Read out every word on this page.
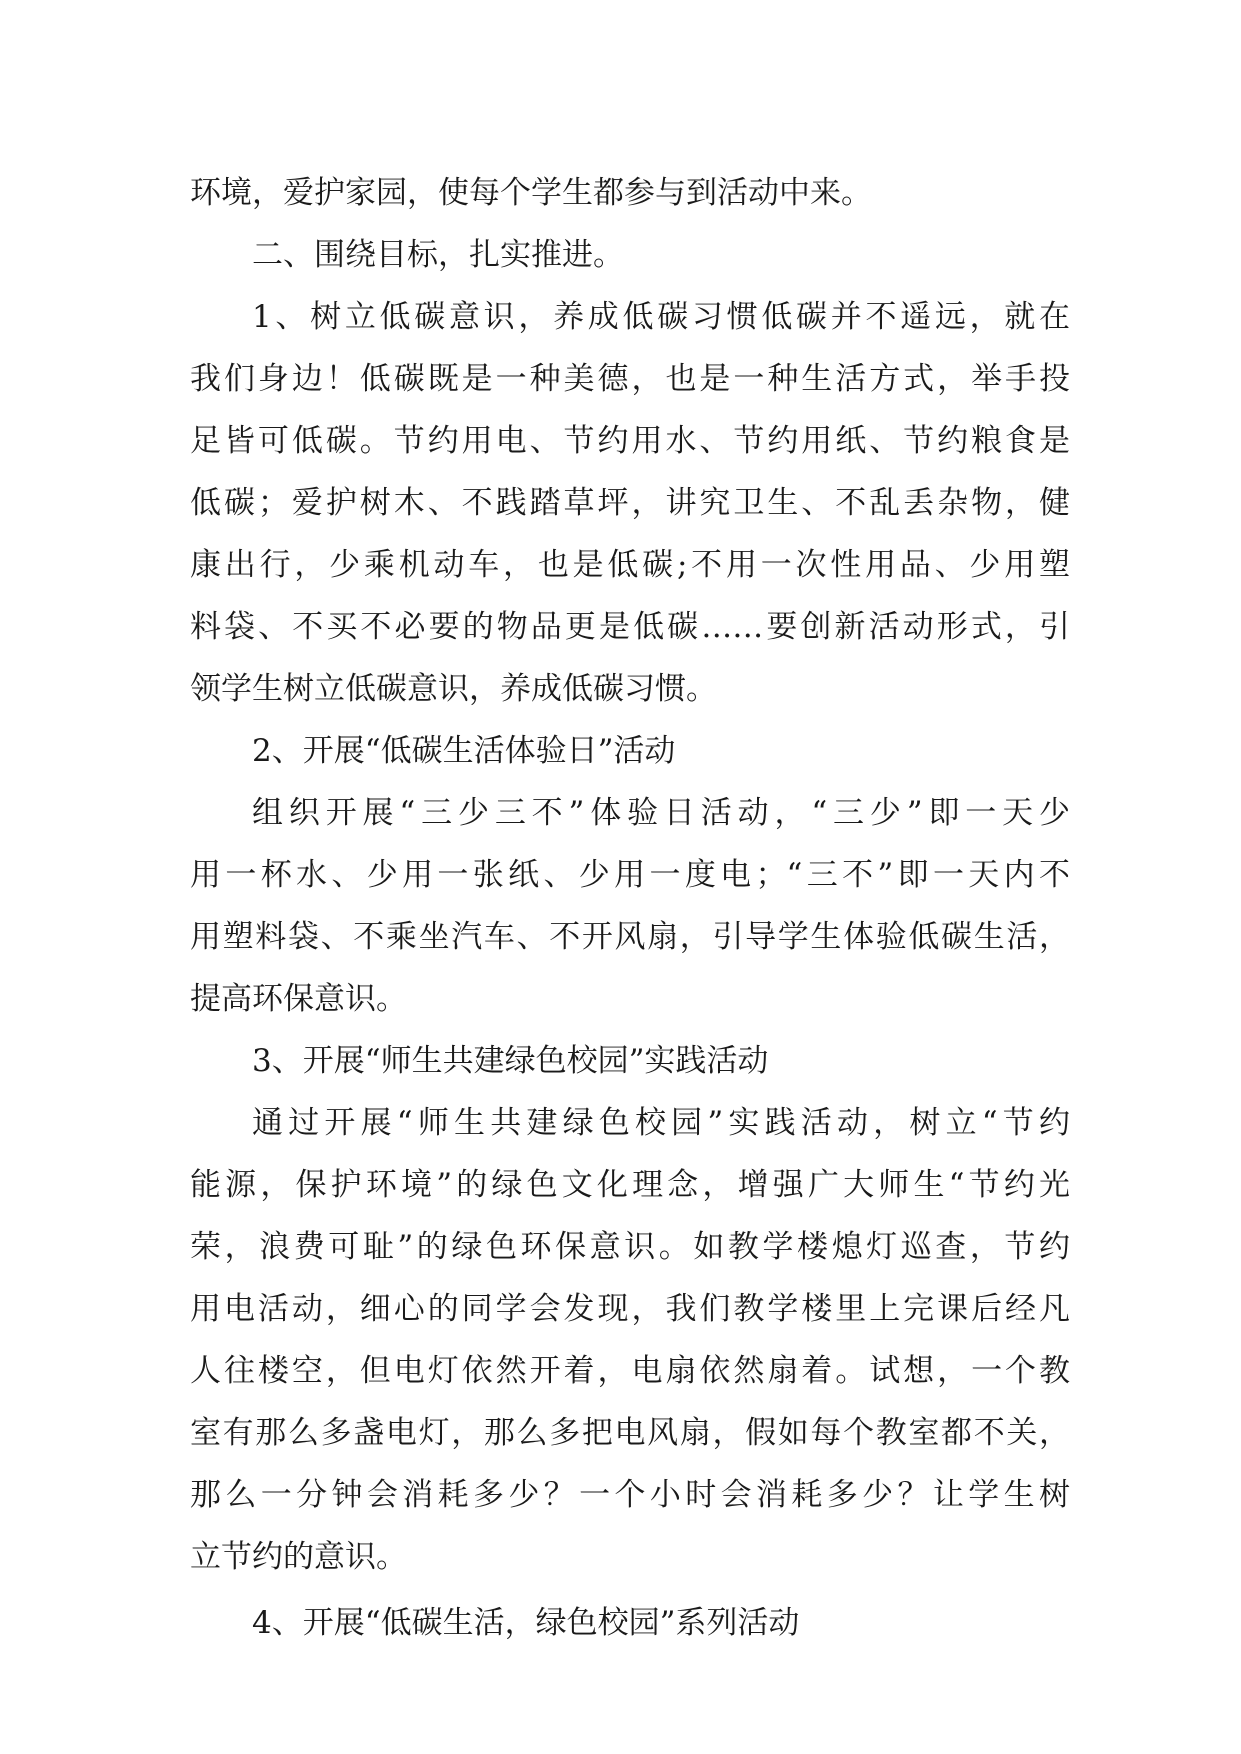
环境，爱护家园，使每个学生都参与到活动中来。
二、围绕目标，扎实推进。
1、树立低碳意识，养成低碳习惯低碳并不遥远，就在
我们身边！低碳既是一种美德，也是一种生活方式，举手投
足皆可低碳。节约用电、节约用水、节约用纸、节约粮食是
低碳；爱护树木、不践踏草坪，讲究卫生、不乱丢杂物，健
康出行，少乘机动车，也是低碳;不用一次性用品、少用塑
料袋、不买不必要的物品更是低碳……要创新活动形式，引
领学生树立低碳意识，养成低碳习惯。
2、开展“低碳生活体验日”活动
组织开展“三少三不”体验日活动，“三少”即一天少
用一杯水、少用一张纸、少用一度电；“三不”即一天内不
用塑料袋、不乘坐汽车、不开风扇，引导学生体验低碳生活，
提高环保意识。
3、开展“师生共建绿色校园”实践活动
通过开展“师生共建绿色校园”实践活动，树立“节约
能源，保护环境”的绿色文化理念，增强广大师生“节约光
荣，浪费可耻”的绿色环保意识。如教学楼熄灯巡查，节约
用电活动，细心的同学会发现，我们教学楼里上完课后经凡
人往楼空，但电灯依然开着，电扇依然扇着。试想，一个教
室有那么多盏电灯，那么多把电风扇，假如每个教室都不关，
那么一分钟会消耗多少？一个小时会消耗多少？让学生树
立节约的意识。
4、开展“低碳生活，绿色校园”系列活动
